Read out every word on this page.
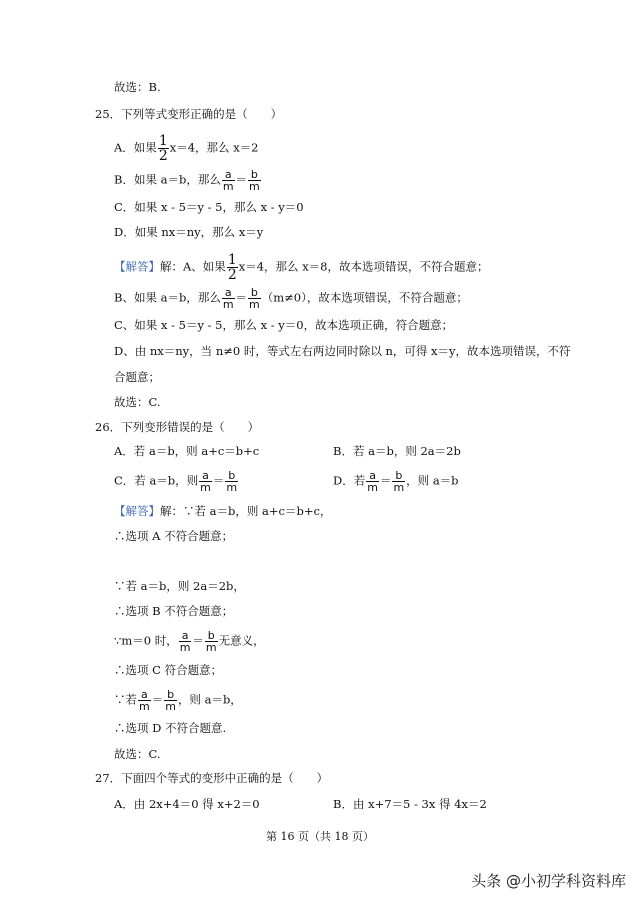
故选：B.
25．下列等式变形正确的是（　　）
A．如果 $\frac{1}{2} x=4$，那么 x＝2
B．如果 a＝b，那么 $\frac{a}{m} = \frac{b}{m}$
C．如果 x - 5＝y - 5，那么 x - y＝0
D．如果 nx＝ny，那么 x＝y
【解答】解：A、如果 $\frac{1}{2} x=4$，那么 x＝8，故本选项错误，不符合题意；
B、如果 a＝b，那么 $\frac{a}{m} = \frac{b}{m} (m\ne 0)$，故本选项错误，不符合题意；
C、如果 x - 5＝y - 5，那么 x - y＝0，故本选项正确，符合题意；
D、由 nx＝ny，当 n≠0 时，等式左右两边同时除以 n，可得 x＝y，故本选项错误，不符
合题意；
故选：C.
26．下列变形错误的是（　　）
A．若 a＝b，则 a+c＝b+c	B．若 a＝b，则 2a＝2b
C．若 a＝b，则 $\frac{a}{m} = \frac{b}{m}$	D．若 $\frac{a}{m} = \frac{b}{m}$ ，则 a＝b
【解答】解：∵若 a＝b，则 a+c＝b+c，
∴选项 A 不符合题意；
∵若 a＝b，则 2a＝2b，
∴选项 B 不符合题意；
∵m＝0 时， $\frac{a}{m} = \frac{b}{m}$ 无意义，
∴选项 C 符合题意；
∵若 $\frac{a}{m} = \frac{b}{m}$ ，则 a＝b，
∴选项 D 不符合题意.
故选：C.
27．下面四个等式的变形中正确的是（　　）
A．由 2x+4＝0 得 x+2＝0	B．由 x+7＝5 - 3x 得 4x＝2
第 16 页（共 18 页）
头条 @小初学科资料库
